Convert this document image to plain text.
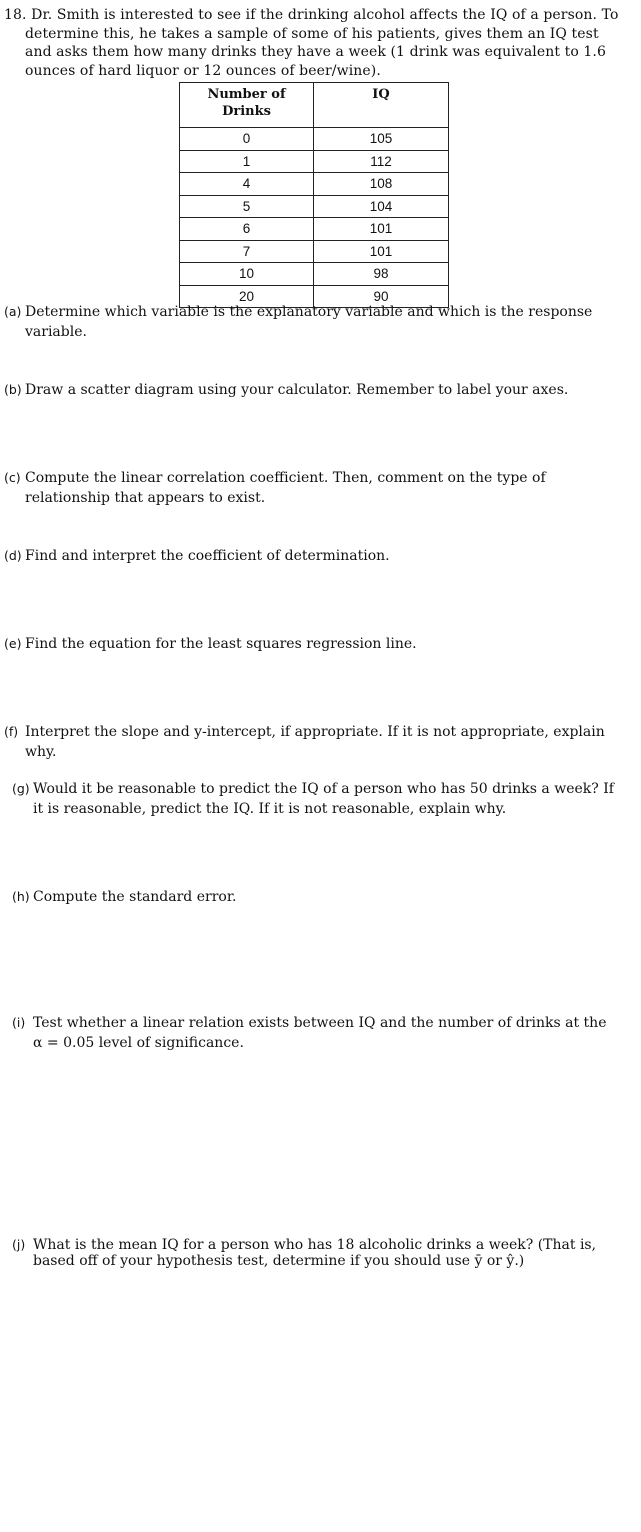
18. Dr. Smith is interested to see if the drinking alcohol affects the IQ of a person. To
determine this, he takes a sample of some of his patients, gives them an IQ test
and asks them how many drinks they have a week (1 drink was equivalent to 1.6
ounces of hard liquor or 12 ounces of beer/wine).
Number of
Drinks	IQ
0	105
1	112
4	108
5	104
6	101
7	101
10	98
20	90
(a) Determine which variable is the explanatory variable and which is the response
variable.
(b) Draw a scatter diagram using your calculator. Remember to label your axes.
(c) Compute the linear correlation coefficient. Then, comment on the type of
relationship that appears to exist.
(d) Find and interpret the coefficient of determination.
(e) Find the equation for the least squares regression line.
(f) Interpret the slope and y-intercept, if appropriate. If it is not appropriate, explain
why.
(g) Would it be reasonable to predict the IQ of a person who has 50 drinks a week? If
it is reasonable, predict the IQ. If it is not reasonable, explain why.
(h) Compute the standard error.
(i) Test whether a linear relation exists between IQ and the number of drinks at the
α = 0.05 level of significance.
(j) What is the mean IQ for a person who has 18 alcoholic drinks a week? (That is,
based off of your hypothesis test, determine if you should use ȳ or ŷ.)
